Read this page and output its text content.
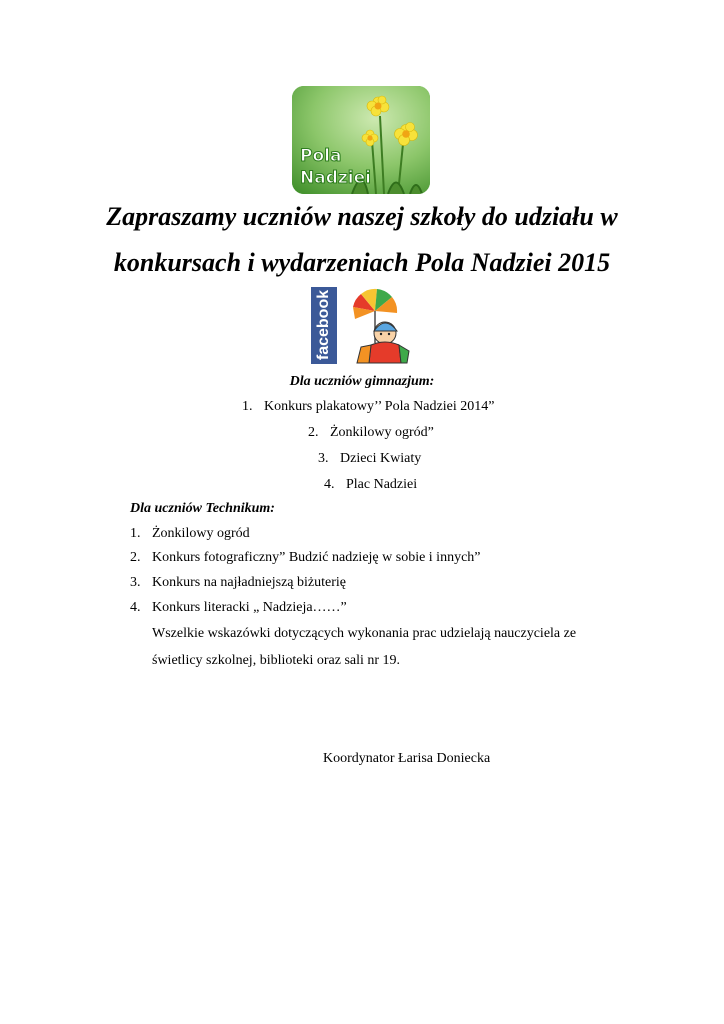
Pola
Nadziei
Zapraszamy uczniów naszej szkoły do udziału w
konkursach i wydarzeniach Pola Nadziei 2015
facebook
Dla uczniów gimnazjum:
1. Konkurs plakatowy’’ Pola Nadziei 2014”
2. Żonkilowy ogród”
3. Dzieci Kwiaty
4. Plac Nadziei
Dla uczniów Technikum:
1. Żonkilowy ogród
2. Konkurs fotograficzny” Budzić nadzieję w sobie i innych”
3. Konkurs na najładniejszą biżuterię
4. Konkurs literacki „ Nadzieja……”
Wszelkie wskazówki dotyczących wykonania prac udzielają nauczyciela ze
świetlicy szkolnej, biblioteki oraz sali nr 19.
Koordynator Łarisa Doniecka
